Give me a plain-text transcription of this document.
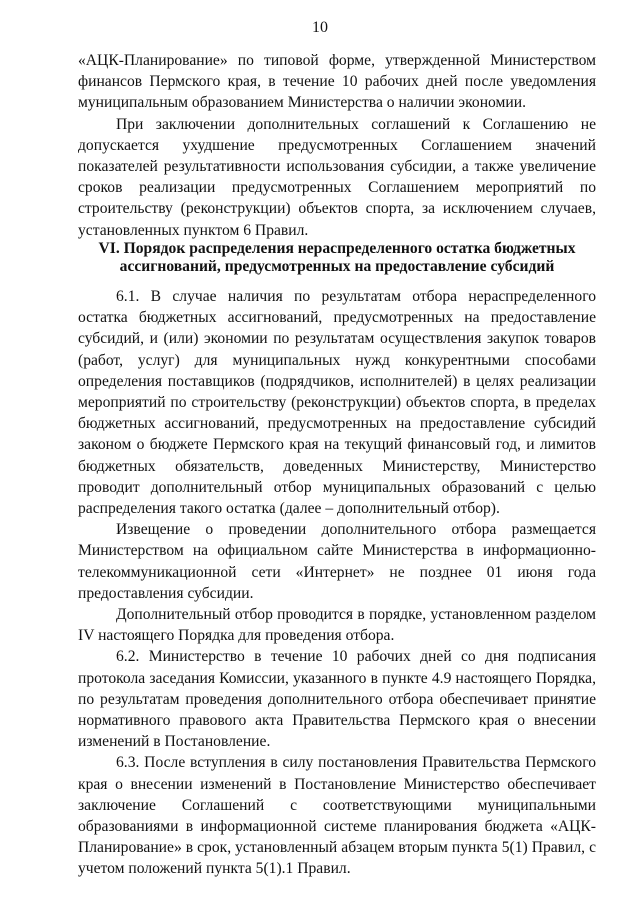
10

«АЦК-Планирование» по типовой форме, утвержденной Министерством финансов Пермского края, в течение 10 рабочих дней после уведомления муниципальным образованием Министерства о наличии экономии.

При заключении дополнительных соглашений к Соглашению не допускается ухудшение предусмотренных Соглашением значений показателей результативности использования субсидии, а также увеличение сроков реализации предусмотренных Соглашением мероприятий по строительству (реконструкции) объектов спорта, за исключением случаев, установленных пунктом 6 Правил.

VI. Порядок распределения нераспределенного остатка бюджетных
ассигнований, предусмотренных на предоставление субсидий

6.1. В случае наличия по результатам отбора нераспределенного остатка бюджетных ассигнований, предусмотренных на предоставление субсидий, и (или) экономии по результатам осуществления закупок товаров (работ, услуг) для муниципальных нужд конкурентными способами определения поставщиков (подрядчиков, исполнителей) в целях реализации мероприятий по строительству (реконструкции) объектов спорта, в пределах бюджетных ассигнований, предусмотренных на предоставление субсидий законом о бюджете Пермского края на текущий финансовый год, и лимитов бюджетных обязательств, доведенных Министерству, Министерство проводит дополнительный отбор муниципальных образований с целью распределения такого остатка (далее – дополнительный отбор).

Извещение о проведении дополнительного отбора размещается Министерством на официальном сайте Министерства в информационно-телекоммуникационной сети «Интернет» не позднее 01 июня года предоставления субсидии.

Дополнительный отбор проводится в порядке, установленном разделом IV настоящего Порядка для проведения отбора.

6.2. Министерство в течение 10 рабочих дней со дня подписания протокола заседания Комиссии, указанного в пункте 4.9 настоящего Порядка, по результатам проведения дополнительного отбора обеспечивает принятие нормативного правового акта Правительства Пермского края о внесении изменений в Постановление.

6.3. После вступления в силу постановления Правительства Пермского края о внесении изменений в Постановление Министерство обеспечивает заключение Соглашений с соответствующими муниципальными образованиями в информационной системе планирования бюджета «АЦК-Планирование» в срок, установленный абзацем вторым пункта 5(1) Правил, с учетом положений пункта 5(1).1 Правил.
